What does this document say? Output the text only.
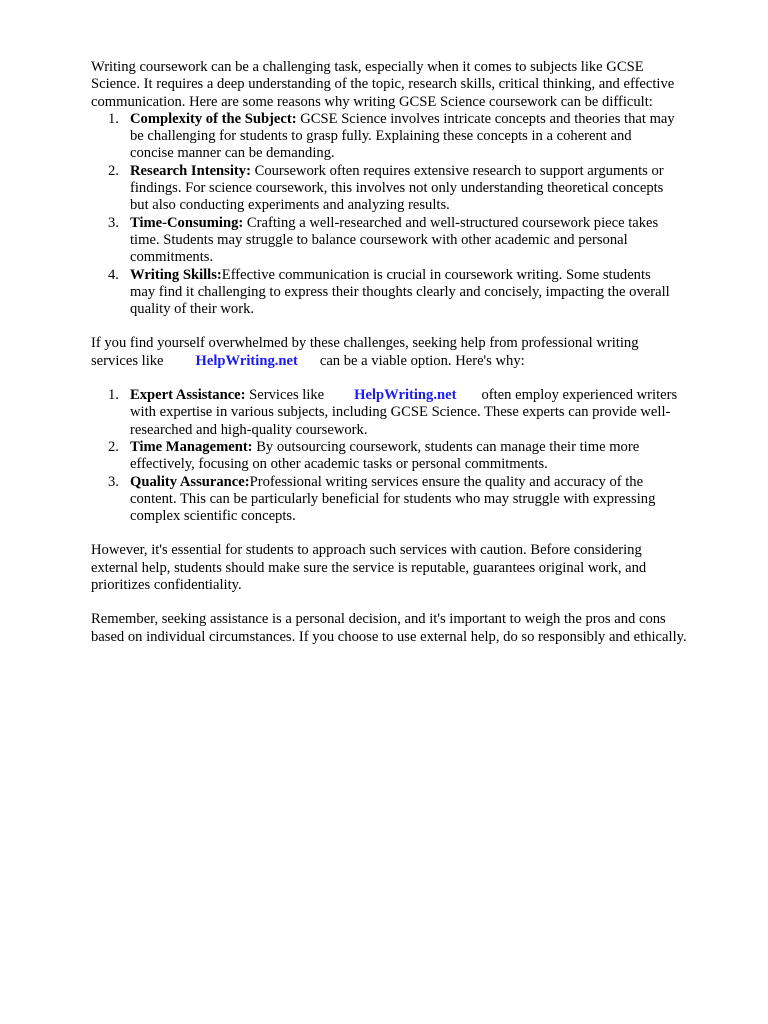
Writing coursework can be a challenging task, especially when it comes to subjects like GCSE
Science. It requires a deep understanding of the topic, research skills, critical thinking, and effective
communication. Here are some reasons why writing GCSE Science coursework can be difficult:

1. Complexity of the Subject: GCSE Science involves intricate concepts and theories that may
be challenging for students to grasp fully. Explaining these concepts in a coherent and
concise manner can be demanding.
2. Research Intensity: Coursework often requires extensive research to support arguments or
findings. For science coursework, this involves not only understanding theoretical concepts
but also conducting experiments and analyzing results.
3. Time-Consuming: Crafting a well-researched and well-structured coursework piece takes
time. Students may struggle to balance coursework with other academic and personal
commitments.
4. Writing Skills:Effective communication is crucial in coursework writing. Some students
may find it challenging to express their thoughts clearly and concisely, impacting the overall
quality of their work.

If you find yourself overwhelmed by these challenges, seeking help from professional writing
services like HelpWriting.net can be a viable option. Here's why:

1. Expert Assistance: Services like HelpWriting.net often employ experienced writers
with expertise in various subjects, including GCSE Science. These experts can provide well-
researched and high-quality coursework.
2. Time Management: By outsourcing coursework, students can manage their time more
effectively, focusing on other academic tasks or personal commitments.
3. Quality Assurance:Professional writing services ensure the quality and accuracy of the
content. This can be particularly beneficial for students who may struggle with expressing
complex scientific concepts.

However, it's essential for students to approach such services with caution. Before considering
external help, students should make sure the service is reputable, guarantees original work, and
prioritizes confidentiality.

Remember, seeking assistance is a personal decision, and it's important to weigh the pros and cons
based on individual circumstances. If you choose to use external help, do so responsibly and ethically.
